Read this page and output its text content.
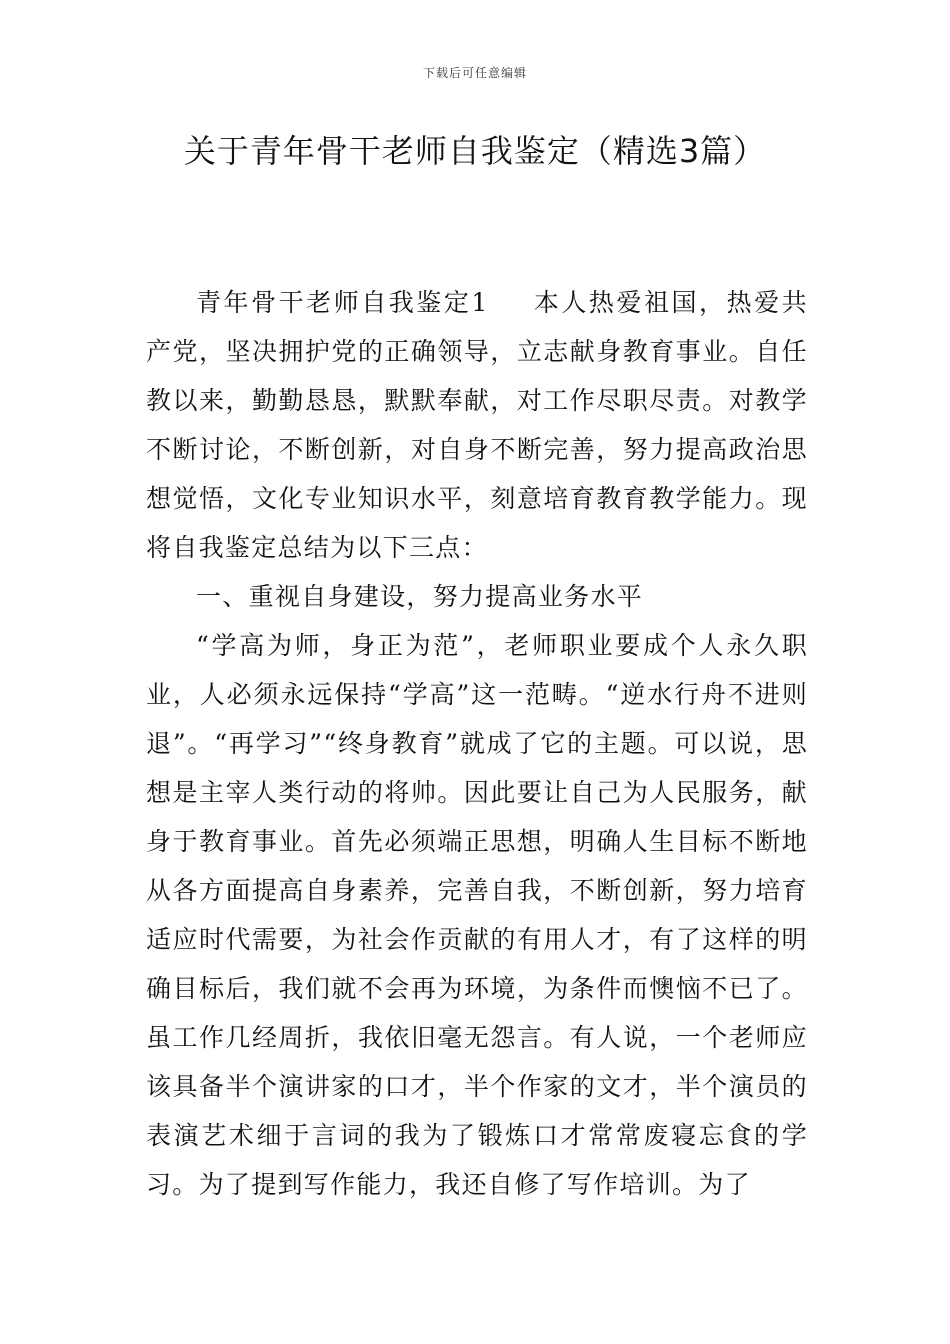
下载后可任意编辑
关于青年骨干老师自我鉴定（精选3篇）

青年骨干老师自我鉴定1 本人热爱祖国，热爱共产党，坚决拥护党的正确领导，立志献身教育事业。自任教以来，勤勤恳恳，默默奉献，对工作尽职尽责。对教学不断讨论，不断创新，对自身不断完善，努力提高政治思想觉悟，文化专业知识水平，刻意培育教育教学能力。现将自我鉴定总结为以下三点：

一、重视自身建设，努力提高业务水平

“学高为师，身正为范”，老师职业要成个人永久职业，人必须永远保持“学高”这一范畴。“逆水行舟不进则退”。“再学习”“终身教育”就成了它的主题。可以说，思想是主宰人类行动的将帅。因此要让自己为人民服务，献身于教育事业。首先必须端正思想，明确人生目标不断地从各方面提高自身素养，完善自我，不断创新，努力培育适应时代需要，为社会作贡献的有用人才，有了这样的明确目标后，我们就不会再为环境，为条件而懊恼不已了。虽工作几经周折，我依旧毫无怨言。有人说，一个老师应该具备半个演讲家的口才，半个作家的文才，半个演员的表演艺术细于言词的我为了锻炼口才常常废寝忘食的学习。为了提到写作能力，我还自修了写作培训。为了
